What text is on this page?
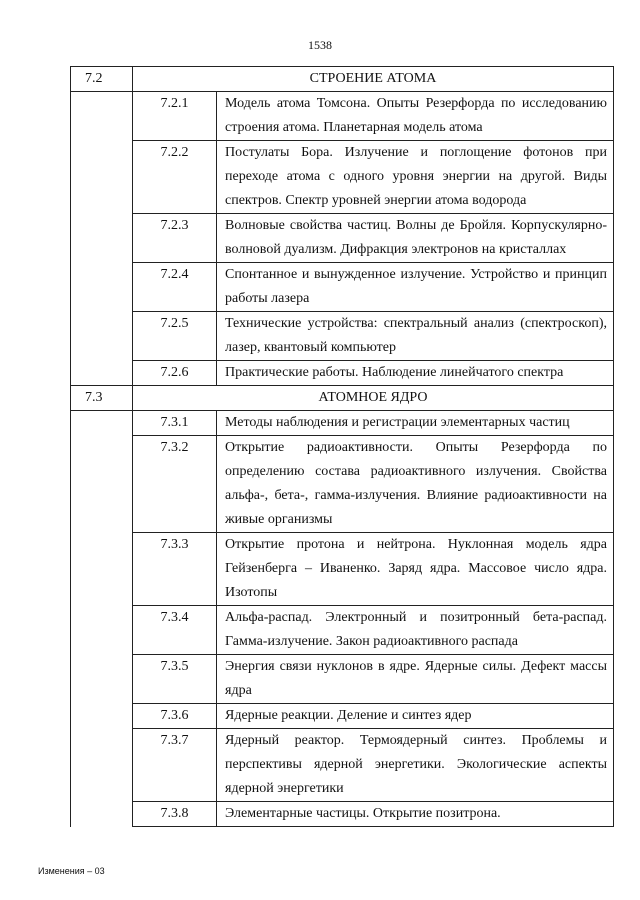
1538
7.2	СТРОЕНИЕ АТОМА	
	7.2.1	Модель атома Томсона. Опыты Резерфорда по исследованию строения атома. Планетарная модель атома
	7.2.2	Постулаты Бора. Излучение и поглощение фотонов при переходе атома с одного уровня энергии на другой. Виды спектров. Спектр уровней энергии атома водорода
	7.2.3	Волновые свойства частиц. Волны де Бройля. Корпускулярно-волновой дуализм. Дифракция электронов на кристаллах
	7.2.4	Спонтанное и вынужденное излучение. Устройство и принцип работы лазера
	7.2.5	Технические устройства: спектральный анализ (спектроскоп), лазер, квантовый компьютер
	7.2.6	Практические работы. Наблюдение линейчатого спектра
7.3	АТОМНОЕ ЯДРО	
	7.3.1	Методы наблюдения и регистрации элементарных частиц
	7.3.2	Открытие радиоактивности. Опыты Резерфорда по определению состава радиоактивного излучения. Свойства альфа-, бета-, гамма-излучения. Влияние радиоактивности на живые организмы
	7.3.3	Открытие протона и нейтрона. Нуклонная модель ядра Гейзенберга – Иваненко. Заряд ядра. Массовое число ядра. Изотопы
	7.3.4	Альфа-распад. Электронный и позитронный бета-распад. Гамма-излучение. Закон радиоактивного распада
	7.3.5	Энергия связи нуклонов в ядре. Ядерные силы. Дефект массы ядра
	7.3.6	Ядерные реакции. Деление и синтез ядер
	7.3.7	Ядерный реактор. Термоядерный синтез. Проблемы и перспективы ядерной энергетики. Экологические аспекты ядерной энергетики
	7.3.8	Элементарные частицы. Открытие позитрона.
Изменения – 03
